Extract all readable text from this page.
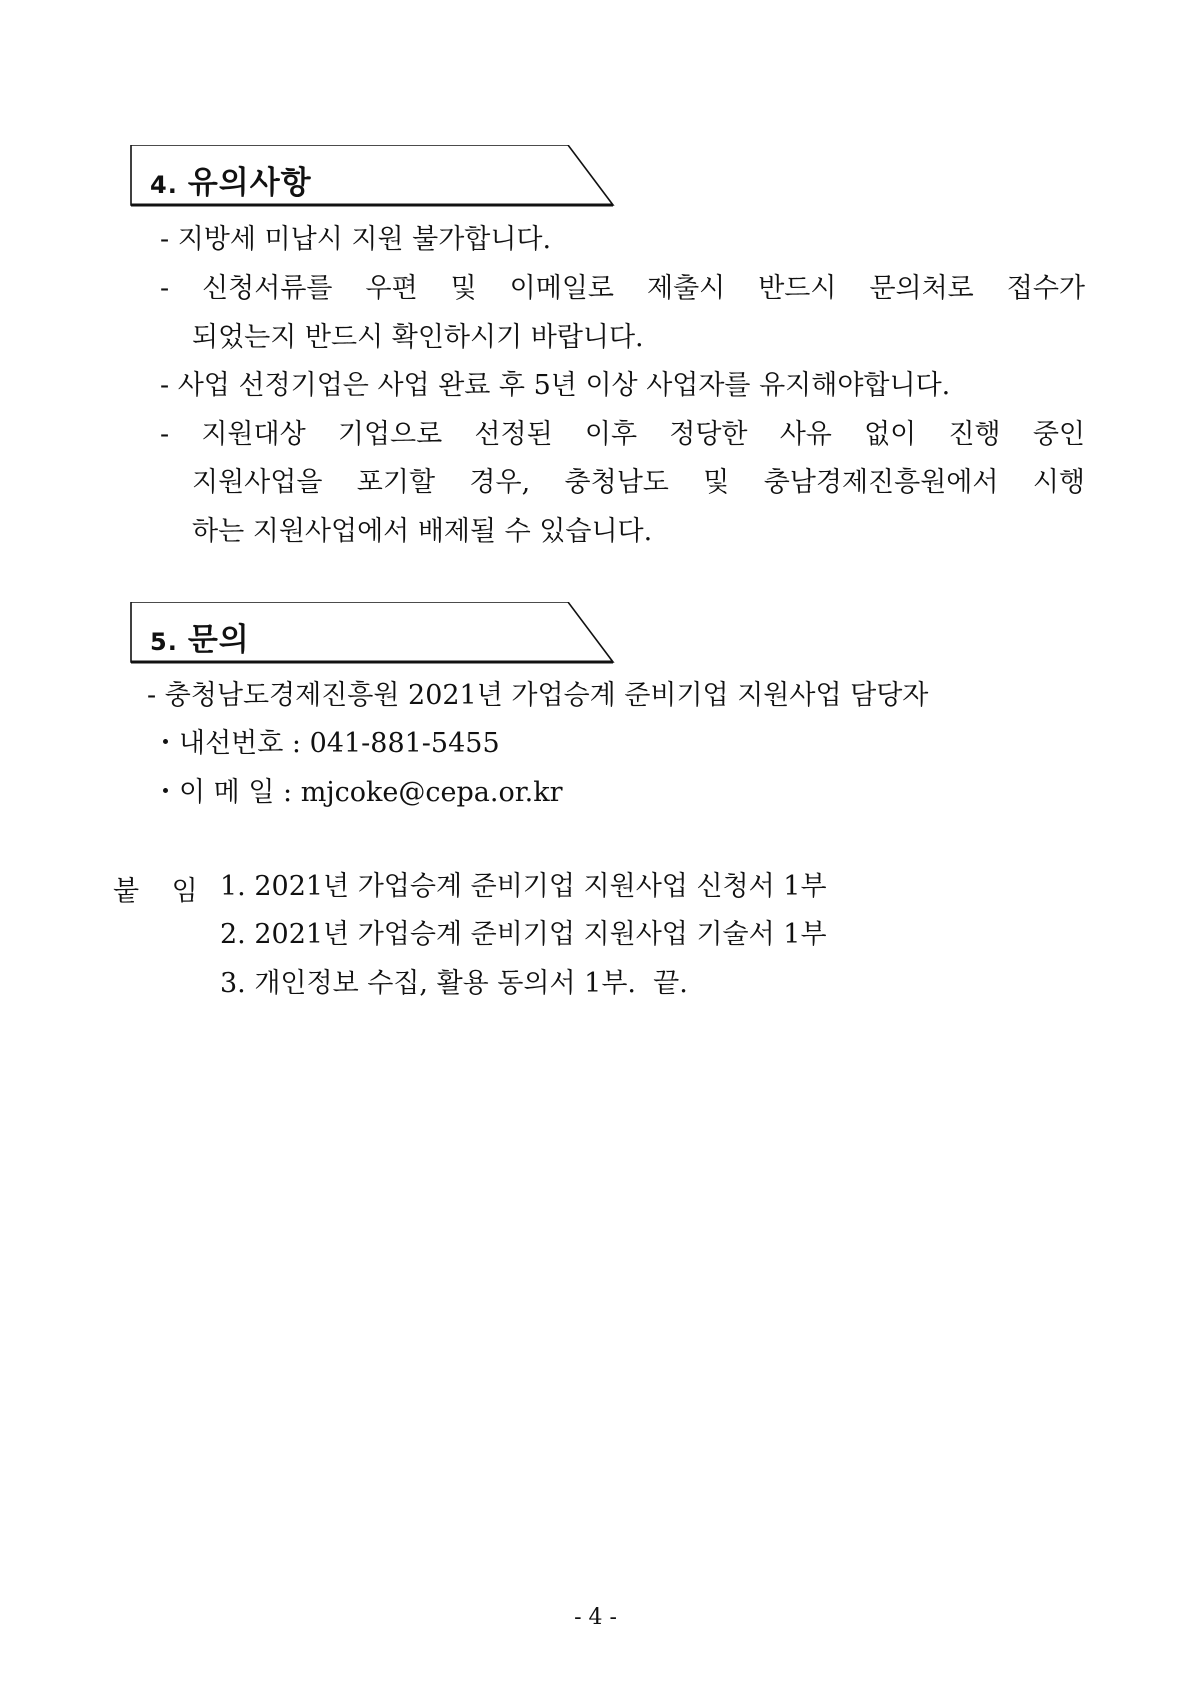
4. 유의사항
- 지방세 미납시 지원 불가합니다.
- 신청서류를 우편 및 이메일로 제출시 반드시 문의처로 접수가
되었는지 반드시 확인하시기 바랍니다.
- 사업 선정기업은 사업 완료 후 5년 이상 사업자를 유지해야합니다.
- 지원대상 기업으로 선정된 이후 정당한 사유 없이 진행 중인
지원사업을 포기할 경우, 충청남도 및 충남경제진흥원에서 시행
하는 지원사업에서 배제될 수 있습니다.
5. 문의
- 충청남도경제진흥원 2021년 가업승계 준비기업 지원사업 담당자
・내선번호 : 041-881-5455
・이 메 일 : mjcoke@cepa.or.kr
붙 임 1. 2021년 가업승계 준비기업 지원사업 신청서 1부
2. 2021년 가업승계 준비기업 지원사업 기술서 1부
3. 개인정보 수집, 활용 동의서 1부.  끝.
- 4 -
